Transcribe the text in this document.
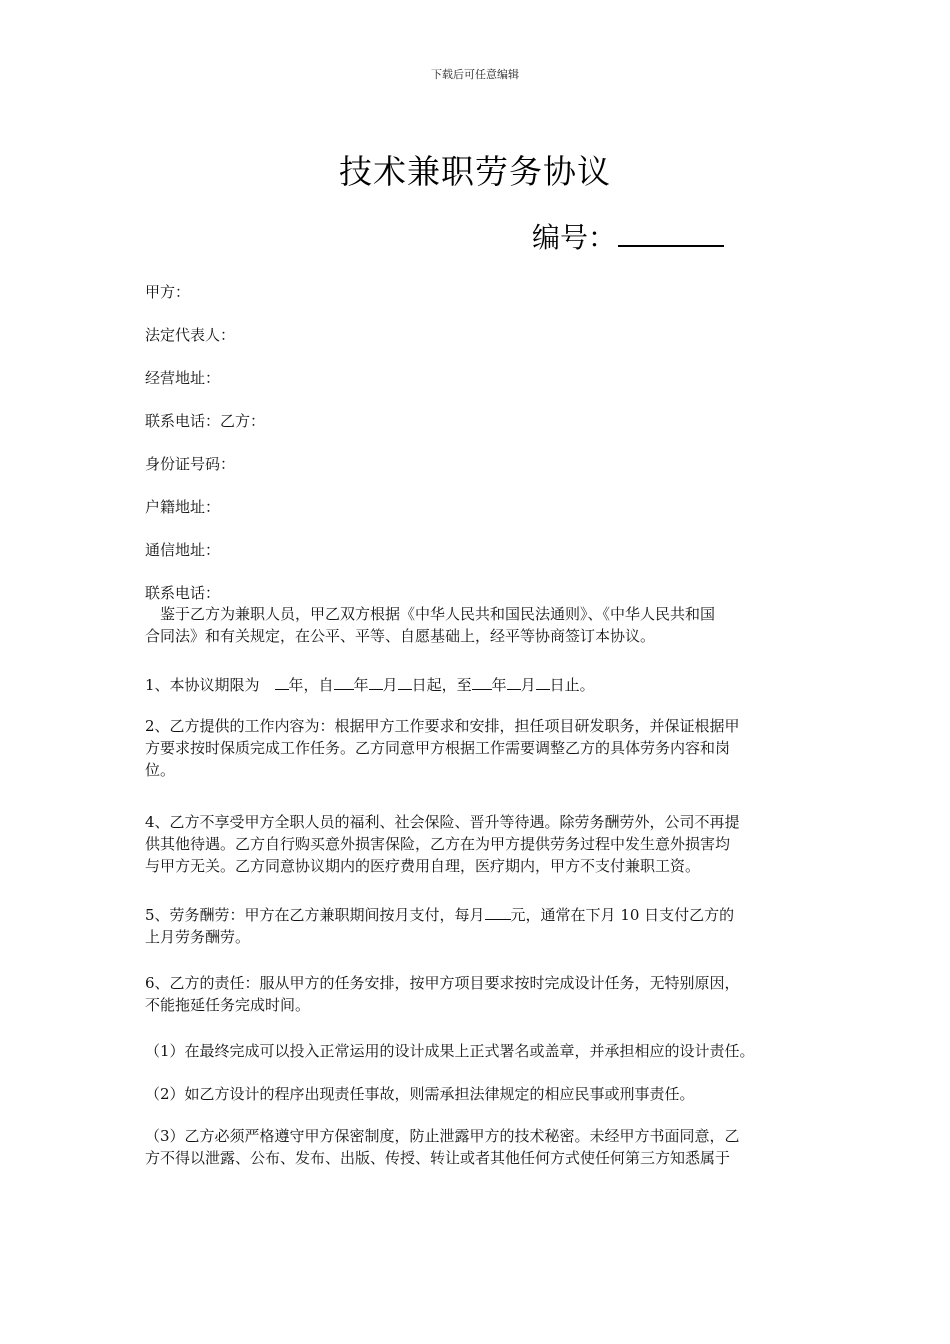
下载后可任意编辑
技术兼职劳务协议
编号：
甲方：
法定代表人：
经营地址：
联系电话：乙方：
身份证号码：
户籍地址：
通信地址：
联系电话：
　鉴于乙方为兼职人员，甲乙双方根据《中华人民共和国民法通则》、《中华人民共和国
合同法》和有关规定，在公平、平等、自愿基础上，经平等协商签订本协议。
1、本协议期限为　年，自 年 月 日起，至 年 月 日止。
2、乙方提供的工作内容为：根据甲方工作要求和安排，担任项目研发职务，并保证根据甲
方要求按时保质完成工作任务。乙方同意甲方根据工作需要调整乙方的具体劳务内容和岗
位。
4、乙方不享受甲方全职人员的福利、社会保险、晋升等待遇。除劳务酬劳外，公司不再提
供其他待遇。乙方自行购买意外损害保险，乙方在为甲方提供劳务过程中发生意外损害均
与甲方无关。乙方同意协议期内的医疗费用自理，医疗期内，甲方不支付兼职工资。
5、劳务酬劳：甲方在乙方兼职期间按月支付，每月 元，通常在下月 10 日支付乙方的
上月劳务酬劳。
6、乙方的责任：服从甲方的任务安排，按甲方项目要求按时完成设计任务，无特别原因，
不能拖延任务完成时间。
（1）在最终完成可以投入正常运用的设计成果上正式署名或盖章，并承担相应的设计责任。
（2）如乙方设计的程序出现责任事故，则需承担法律规定的相应民事或刑事责任。
（3）乙方必须严格遵守甲方保密制度，防止泄露甲方的技术秘密。未经甲方书面同意，乙
方不得以泄露、公布、发布、出版、传授、转让或者其他任何方式使任何第三方知悉属于
